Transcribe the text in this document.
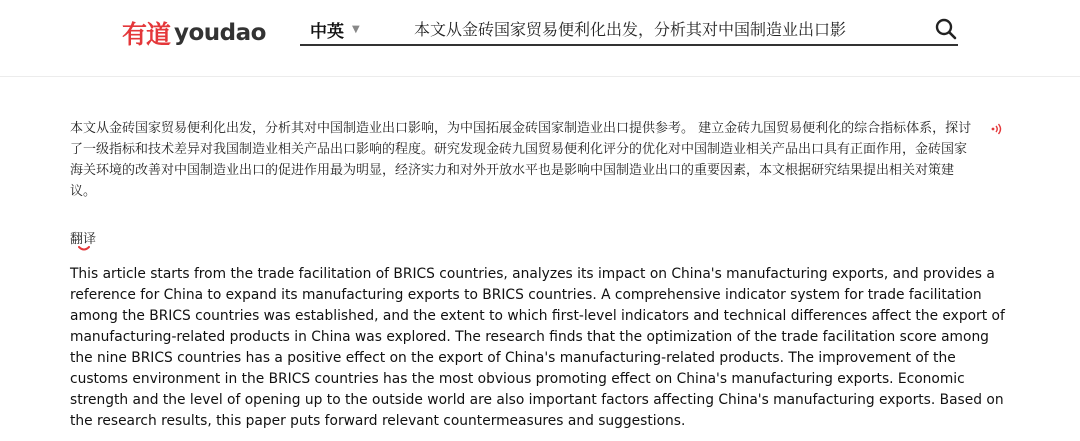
有道 youdao	中英 ▼
本文从金砖国家贸易便利化出发，分析其对中国制造业出口影
本文从金砖国家贸易便利化出发，分析其对中国制造业出口影响，为中国拓展金砖国家制造业出口提供参考。 建立金砖九国贸易便利化的综合指标体系，探讨了一级指标和技术差异对我国制造业相关产品出口影响的程度。研究发现金砖九国贸易便利化评分的优化对中国制造业相关产品出口具有正面作用，金砖国家海关环境的改善对中国制造业出口的促进作用最为明显，经济实力和对外开放水平也是影响中国制造业出口的重要因素，本文根据研究结果提出相关对策建议。
翻译
This article starts from the trade facilitation of BRICS countries, analyzes its impact on China's manufacturing exports, and provides a reference for China to expand its manufacturing exports to BRICS countries. A comprehensive indicator system for trade facilitation among the BRICS countries was established, and the extent to which first-level indicators and technical differences affect the export of manufacturing-related products in China was explored. The research finds that the optimization of the trade facilitation score among the nine BRICS countries has a positive effect on the export of China's manufacturing-related products. The improvement of the customs environment in the BRICS countries has the most obvious promoting effect on China's manufacturing exports. Economic strength and the level of opening up to the outside world are also important factors affecting China's manufacturing exports. Based on the research results, this paper puts forward relevant countermeasures and suggestions.
